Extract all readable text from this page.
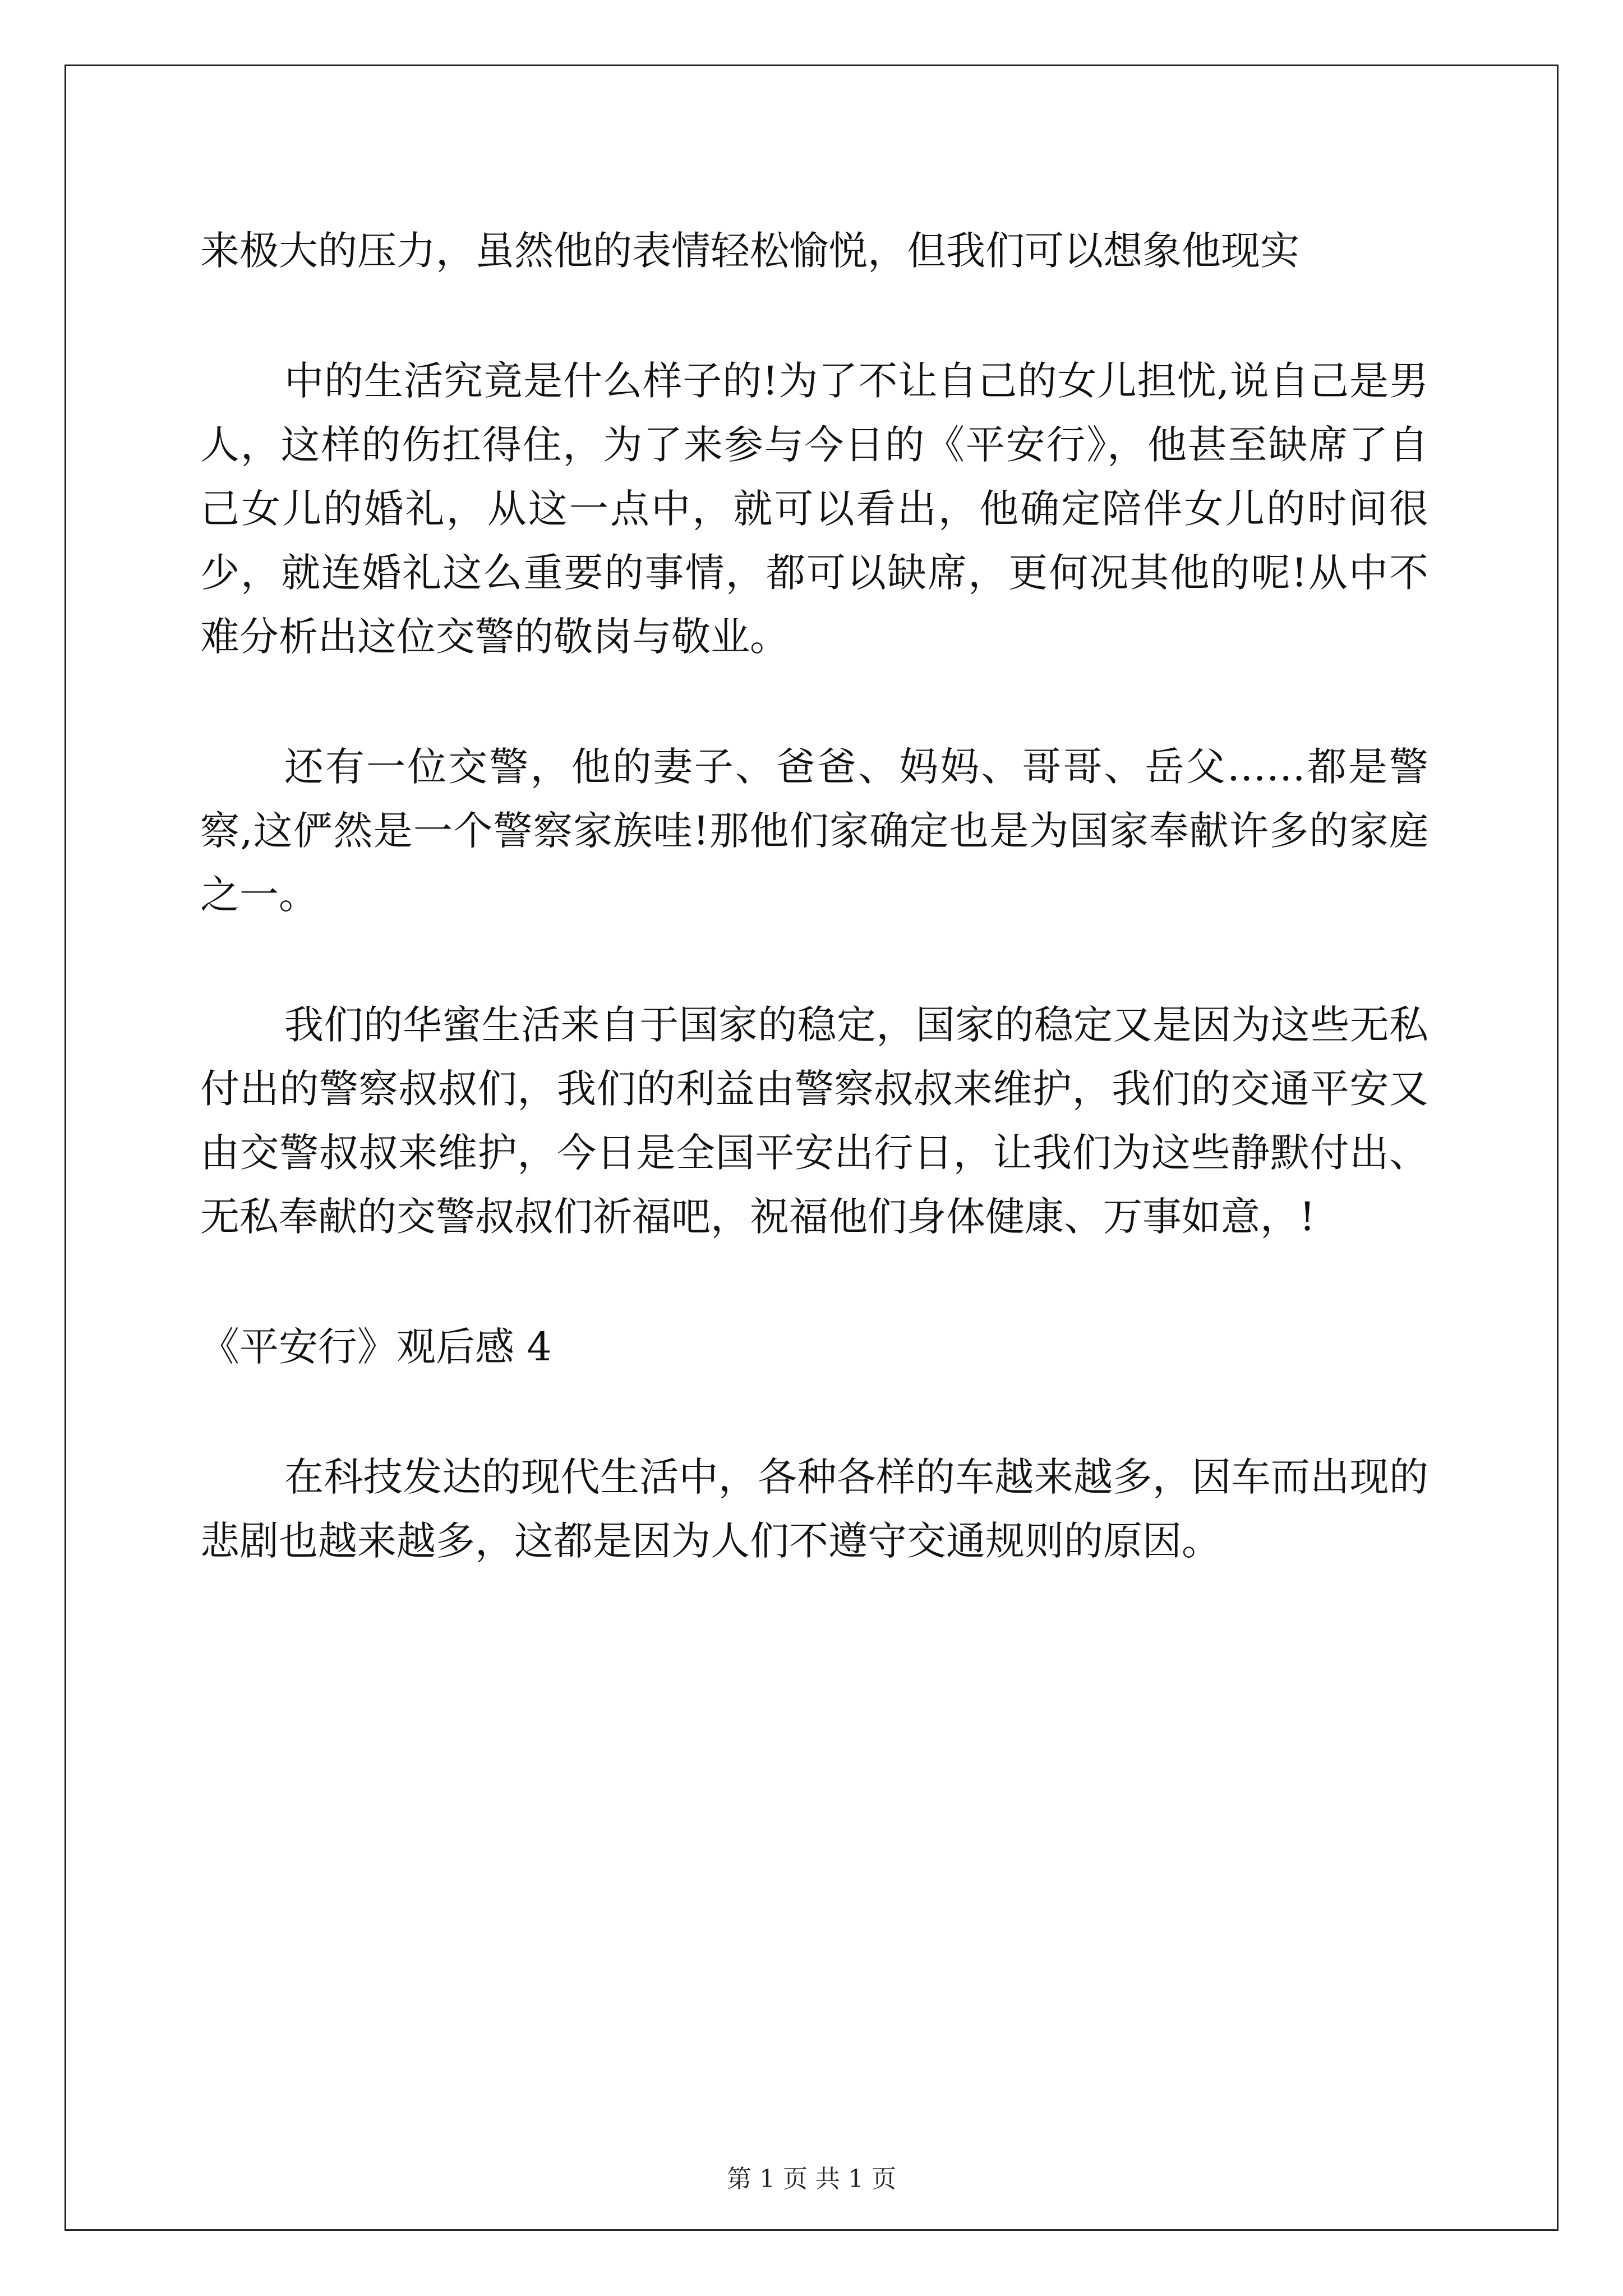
来极大的压力，虽然他的表情轻松愉悦，但我们可以想象他现实

中的生活究竟是什么样子的!为了不让自己的女儿担忧,说自己是男人，这样的伤扛得住，为了来参与今日的《平安行》，他甚至缺席了自己女儿的婚礼，从这一点中，就可以看出，他确定陪伴女儿的时间很少，就连婚礼这么重要的事情，都可以缺席，更何况其他的呢!从中不难分析出这位交警的敬岗与敬业。

还有一位交警，他的妻子、爸爸、妈妈、哥哥、岳父……都是警察,这俨然是一个警察家族哇!那他们家确定也是为国家奉献许多的家庭之一。

我们的华蜜生活来自于国家的稳定，国家的稳定又是因为这些无私付出的警察叔叔们，我们的利益由警察叔叔来维护，我们的交通平安又由交警叔叔来维护，今日是全国平安出行日，让我们为这些静默付出、无私奉献的交警叔叔们祈福吧，祝福他们身体健康、万事如意，!

《平安行》观后感 4

在科技发达的现代生活中，各种各样的车越来越多，因车而出现的悲剧也越来越多，这都是因为人们不遵守交通规则的原因。

第 1 页 共 1 页
